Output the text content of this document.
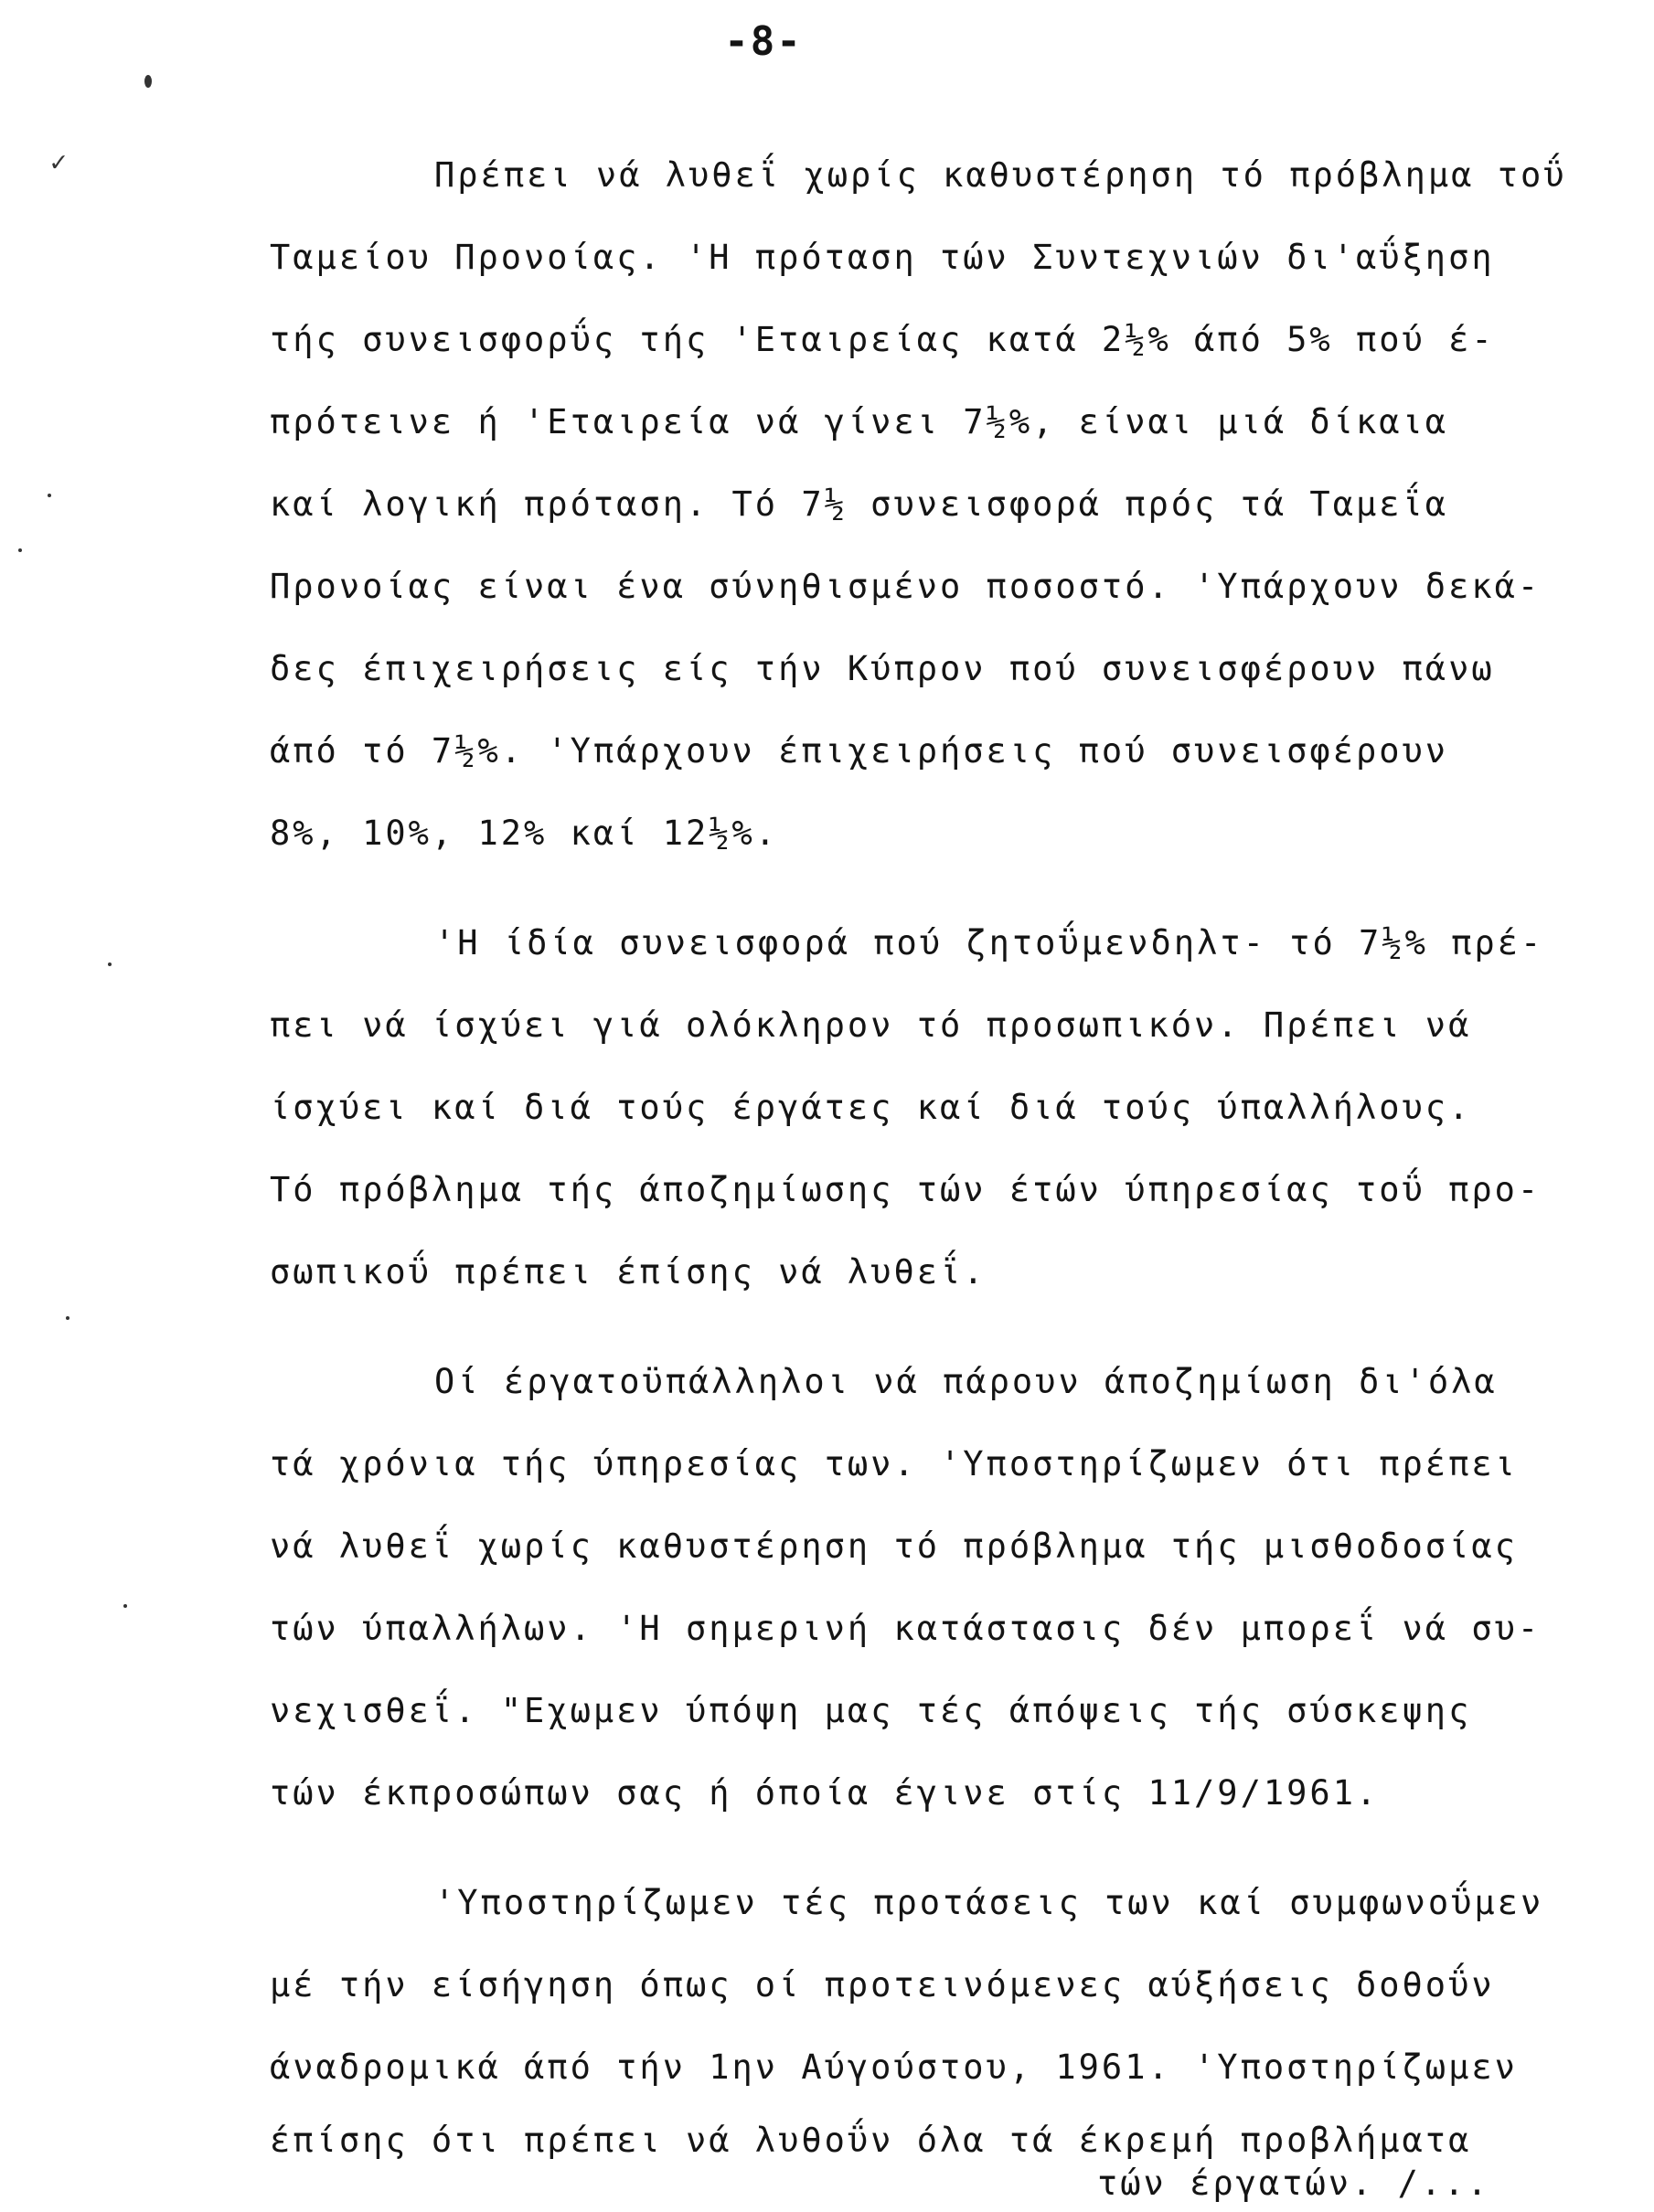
-8-
✓	Πρέπει νά λυθεΐ χωρίς καθυστέρηση τό πρόβλημα τοΰ
Ταμείου Προνοίας. 'Η πρόταση τών Συντεχνιών δι'αΰξηση
τής συνεισφορΰς τής 'Εταιρείας κατά 2½% άπό 5% πού έ-
πρότεινε ή 'Εταιρεία νά γίνει 7½%, είναι μιά δίκαια
καί λογική πρόταση. Τό 7½ συνεισφορά πρός τά Ταμεΐα
Προνοίας είναι ένα σύνηθισμένο ποσοστό. 'Υπάρχουν δεκά-
δες έπιχειρήσεις είς τήν Κύπρον πού συνεισφέρουν πάνω
άπό τό 7½%. 'Υπάρχουν έπιχειρήσεις πού συνεισφέρουν
8%, 10%, 12% καί 12½%.
'Η ίδία συνεισφορά πού ζητοΰμενδηλτ- τό 7½% πρέ-
πει νά ίσχύει γιά ολόκληρον τό προσωπικόν. Πρέπει νά
ίσχύει καί διά τούς έργάτες καί διά τούς ύπαλλήλους.
Τό πρόβλημα τής άποζημίωσης τών έτών ύπηρεσίας τοΰ προ-
σωπικοΰ πρέπει έπίσης νά λυθεΐ.
Οί έργατοϋπάλληλοι νά πάρουν άποζημίωση δι'όλα
τά χρόνια τής ύπηρεσίας των. 'Υποστηρίζωμεν ότι πρέπει
νά λυθεΐ χωρίς καθυστέρηση τό πρόβλημα τής μισθοδοσίας
τών ύπαλλήλων. 'Η σημερινή κατάστασις δέν μπορεΐ νά συ-
νεχισθεΐ. "Εχωμεν ύπόψη μας τές άπόψεις τής σύσκεψης
τών έκπροσώπων σας ή όποία έγινε στίς 11/9/1961.
'Υποστηρίζωμεν τές προτάσεις των καί συμφωνοΰμεν
μέ τήν είσήγηση όπως οί προτεινόμενες αύξήσεις δοθοΰν
άναδρομικά άπό τήν 1ην Αύγούστου, 1961. 'Υποστηρίζωμεν
έπίσης ότι πρέπει νά λυθοΰν όλα τά έκρεμή προβλήματα
τών έργατών. /...
